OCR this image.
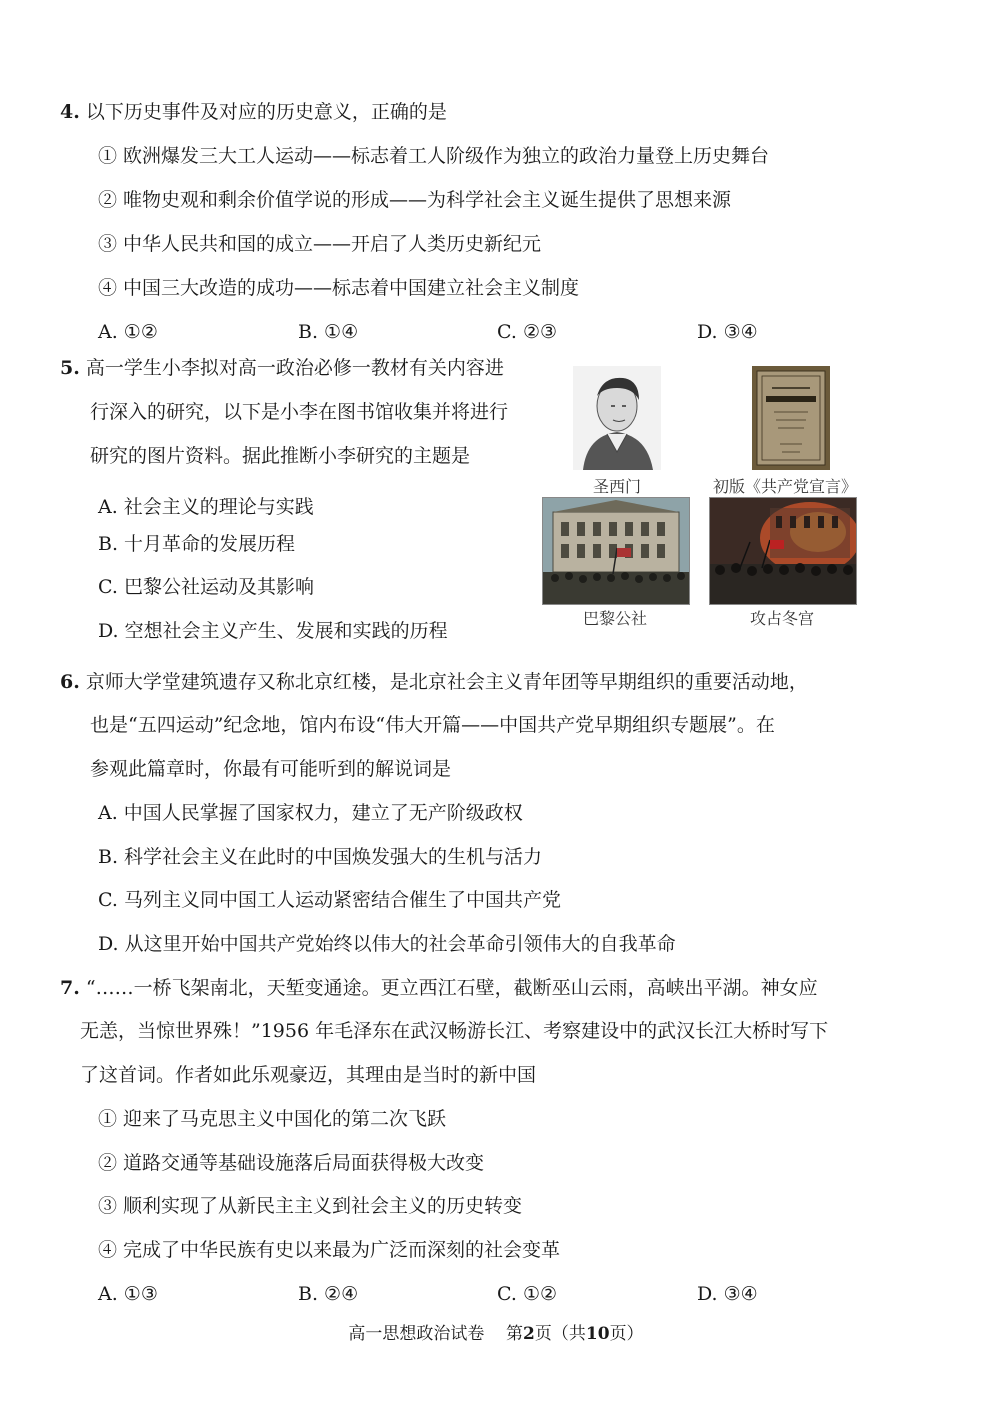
4. 以下历史事件及对应的历史意义，正确的是
① 欧洲爆发三大工人运动——标志着工人阶级作为独立的政治力量登上历史舞台
② 唯物史观和剩余价值学说的形成——为科学社会主义诞生提供了思想来源
③ 中华人民共和国的成立——开启了人类历史新纪元
④ 中国三大改造的成功——标志着中国建立社会主义制度
A. ①②	B. ①④	C. ②③	D. ③④
5. 高一学生小李拟对高一政治必修一教材有关内容进
行深入的研究，以下是小李在图书馆收集并将进行
研究的图片资料。据此推断小李研究的主题是
A. 社会主义的理论与实践
B. 十月革命的发展历程
C. 巴黎公社运动及其影响
D. 空想社会主义产生、发展和实践的历程
圣西门	初版《共产党宣言》
巴黎公社	攻占冬宫
6. 京师大学堂建筑遗存又称北京红楼，是北京社会主义青年团等早期组织的重要活动地，
也是“五四运动”纪念地，馆内布设“伟大开篇——中国共产党早期组织专题展”。在
参观此篇章时，你最有可能听到的解说词是
A. 中国人民掌握了国家权力，建立了无产阶级政权
B. 科学社会主义在此时的中国焕发强大的生机与活力
C. 马列主义同中国工人运动紧密结合催生了中国共产党
D. 从这里开始中国共产党始终以伟大的社会革命引领伟大的自我革命
7. “……一桥飞架南北，天堑变通途。更立西江石壁，截断巫山云雨，高峡出平湖。神女应
无恙，当惊世界殊！”1956 年毛泽东在武汉畅游长江、考察建设中的武汉长江大桥时写下
了这首词。作者如此乐观豪迈，其理由是当时的新中国
① 迎来了马克思主义中国化的第二次飞跃
② 道路交通等基础设施落后局面获得极大改变
③ 顺利实现了从新民主主义到社会主义的历史转变
④ 完成了中华民族有史以来最为广泛而深刻的社会变革
A. ①③	B. ②④	C. ①②	D. ③④
高一思想政治试卷 第2页（共10页）
